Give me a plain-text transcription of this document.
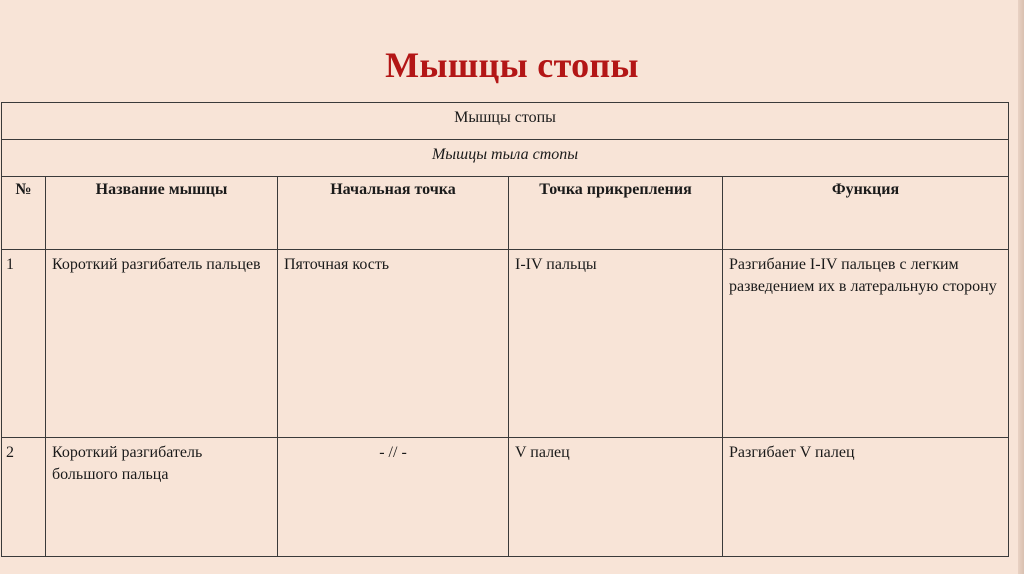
Мышцы стопы
Мышцы стопы				
Мышцы тыла стопы				
№	Название мышцы	Начальная точка	Точка прикрепления	Функция
1	Короткий разгибатель пальцев	Пяточная кость	I-IV пальцы	Разгибание I-IV пальцев с легким разведением их в латеральную сторону
2	Короткий разгибатель большого пальца	- // -	V палец	Разгибает V палец
